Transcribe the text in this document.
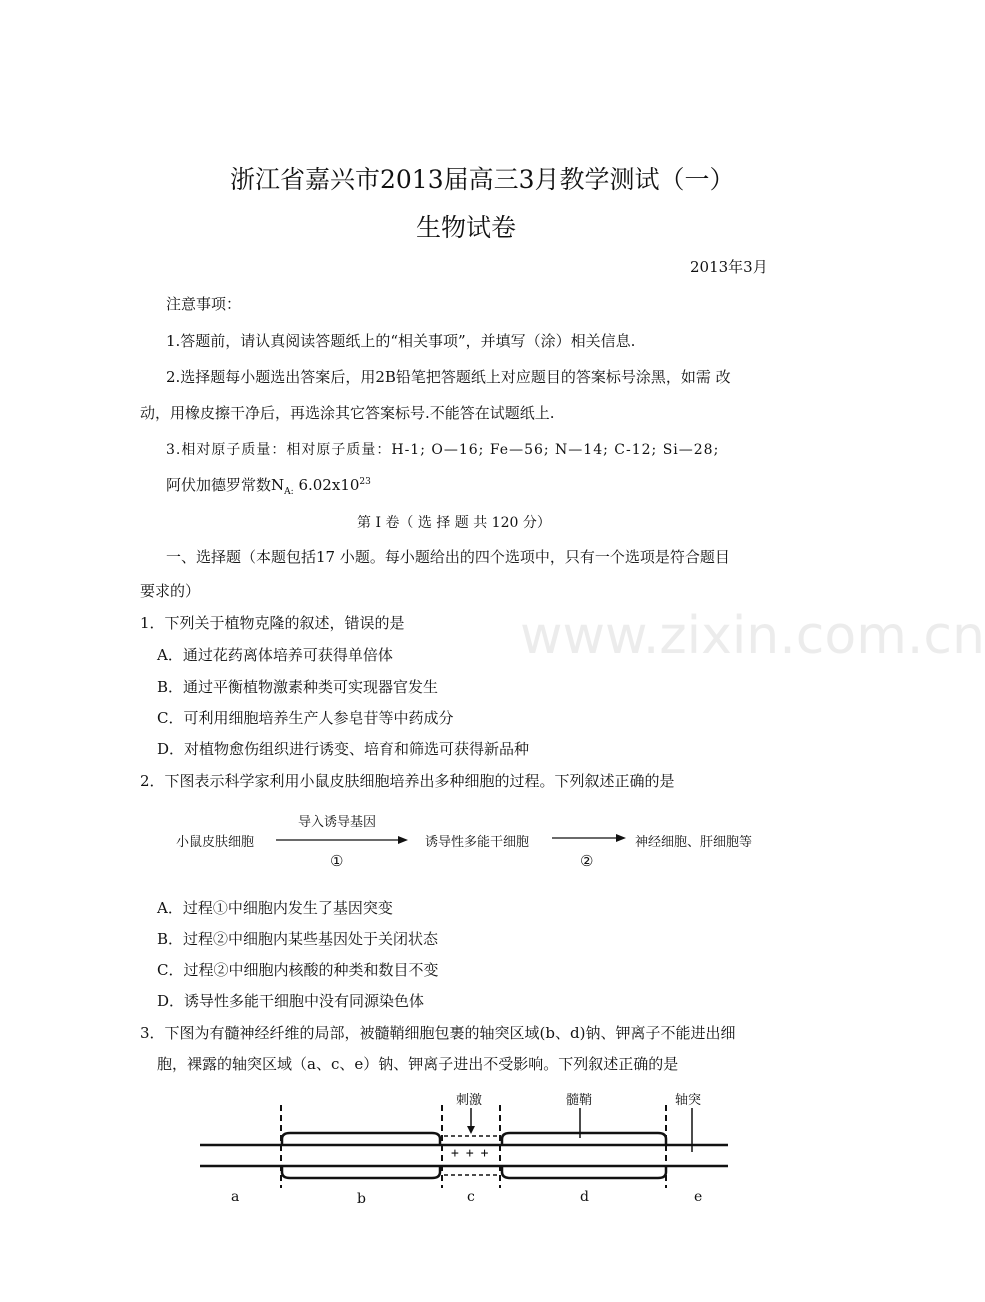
www.zixin.com.cn
浙江省嘉兴市2013届高三3月教学测试（一）
生物试卷
2013年3月
注意事项：
1.答题前，请认真阅读答题纸上的“相关事项”，并填写（涂）相关信息.
2.选择题每小题选出答案后，用2B铅笔把答题纸上对应题目的答案标号涂黑，如需 改
动，用橡皮擦干净后，再选涂其它答案标号.不能答在试题纸上.
3.相对原子质量：相对原子质量：H-1; O—16; Fe—56; N—14; C-12; Si—28;
阿伏加德罗常数$N_{A:}$ $6.02x10^{23}$
第 I 卷（ 选 择 题 共 120 分）
一、选择题（本题包括17 小题。每小题给出的四个选项中，只有一个选项是符合题目
要求的）
1．下列关于植物克隆的叙述，错误的是
A．通过花药离体培养可获得单倍体
B．通过平衡植物激素种类可实现器官发生
C．可利用细胞培养生产人参皂苷等中药成分
D．对植物愈伤组织进行诱变、培育和筛选可获得新品种
2．下图表示科学家利用小鼠皮肤细胞培养出多种细胞的过程。下列叙述正确的是
小鼠皮肤细胞
导入诱导基因
①
诱导性多能干细胞
②
神经细胞、肝细胞等
A．过程①中细胞内发生了基因突变
B．过程②中细胞内某些基因处于关闭状态
C．过程②中细胞内核酸的种类和数目不变
D．诱导性多能干细胞中没有同源染色体
3．下图为有髓神经纤维的局部，被髓鞘细胞包裹的轴突区域(b、d)钠、钾离子不能进出细
胞，裸露的轴突区域（a、c、e）钠、钾离子进出不受影响。下列叙述正确的是
刺激	髓鞘	轴突
+++
a	b	c	d	e
